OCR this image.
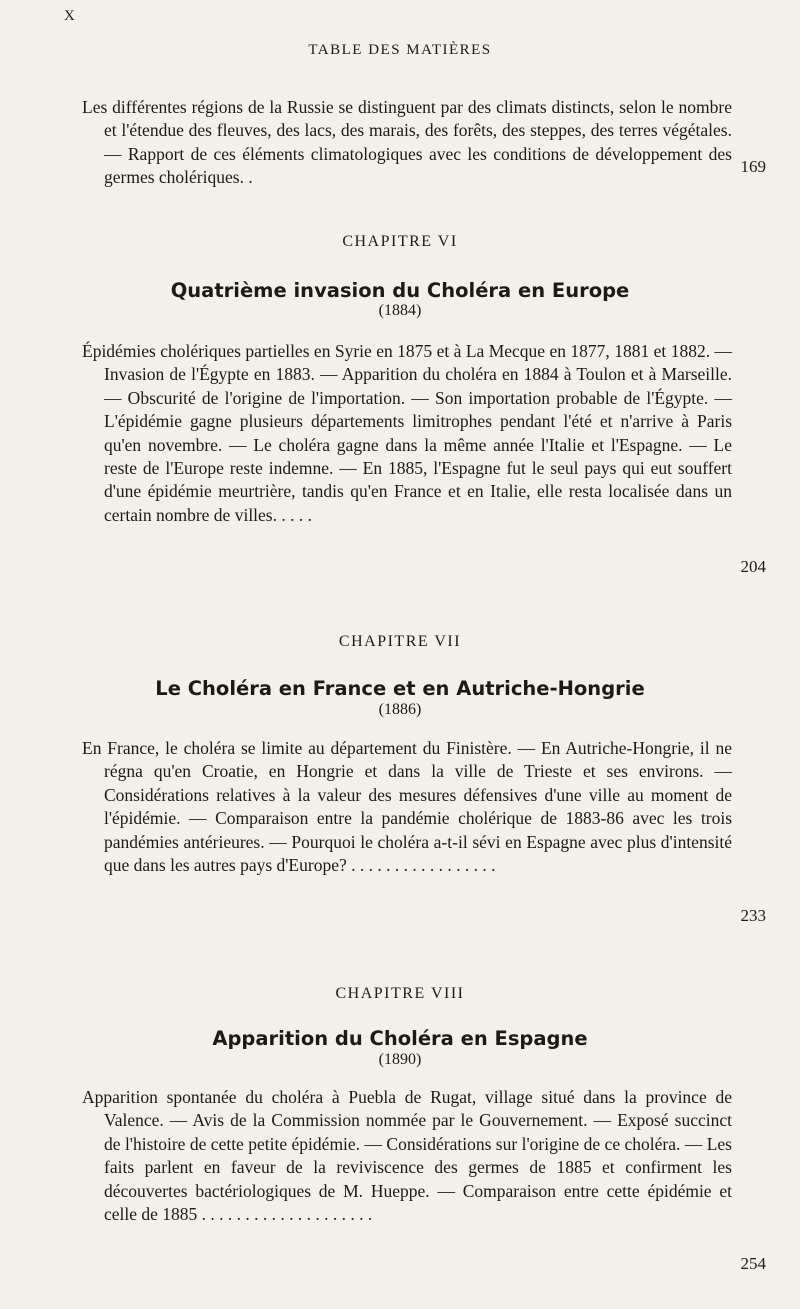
X
TABLE DES MATIÈRES
Les différentes régions de la Russie se distinguent par des climats distincts, selon le nombre et l'étendue des fleuves, des lacs, des marais, des forêts, des steppes, des terres végétales. — Rapport de ces éléments climatologiques avec les conditions de développement des germes cholériques. .
169
CHAPITRE VI
Quatrième invasion du Choléra en Europe
(1884)
Épidémies cholériques partielles en Syrie en 1875 et à La Mecque en 1877, 1881 et 1882. — Invasion de l'Égypte en 1883. — Apparition du choléra en 1884 à Toulon et à Marseille. — Obscurité de l'origine de l'importation. — Son importation probable de l'Égypte. — L'épidémie gagne plusieurs départements limitrophes pendant l'été et n'arrive à Paris qu'en novembre. — Le choléra gagne dans la même année l'Italie et l'Espagne. — Le reste de l'Europe reste indemne. — En 1885, l'Espagne fut le seul pays qui eut souffert d'une épidémie meurtrière, tandis qu'en France et en Italie, elle resta localisée dans un certain nombre de villes. . . . .
204
CHAPITRE VII
Le Choléra en France et en Autriche-Hongrie
(1886)
En France, le choléra se limite au département du Finistère. — En Autriche-Hongrie, il ne régna qu'en Croatie, en Hongrie et dans la ville de Trieste et ses environs. — Considérations relatives à la valeur des mesures défensives d'une ville au moment de l'épidémie. — Comparaison entre la pandémie cholérique de 1883-86 avec les trois pandémies antérieures. — Pourquoi le choléra a-t-il sévi en Espagne avec plus d'intensité que dans les autres pays d'Europe? . . . . . . . . . . . . . . . . .
233
CHAPITRE VIII
Apparition du Choléra en Espagne
(1890)
Apparition spontanée du choléra à Puebla de Rugat, village situé dans la province de Valence. — Avis de la Commission nommée par le Gouvernement. — Exposé succinct de l'histoire de cette petite épidémie. — Considérations sur l'origine de ce choléra. — Les faits parlent en faveur de la reviviscence des germes de 1885 et confirment les découvertes bactériologiques de M. Hueppe. — Comparaison entre cette épidémie et celle de 1885 . . . . . . . . . . . . . . . . . . . .
254
